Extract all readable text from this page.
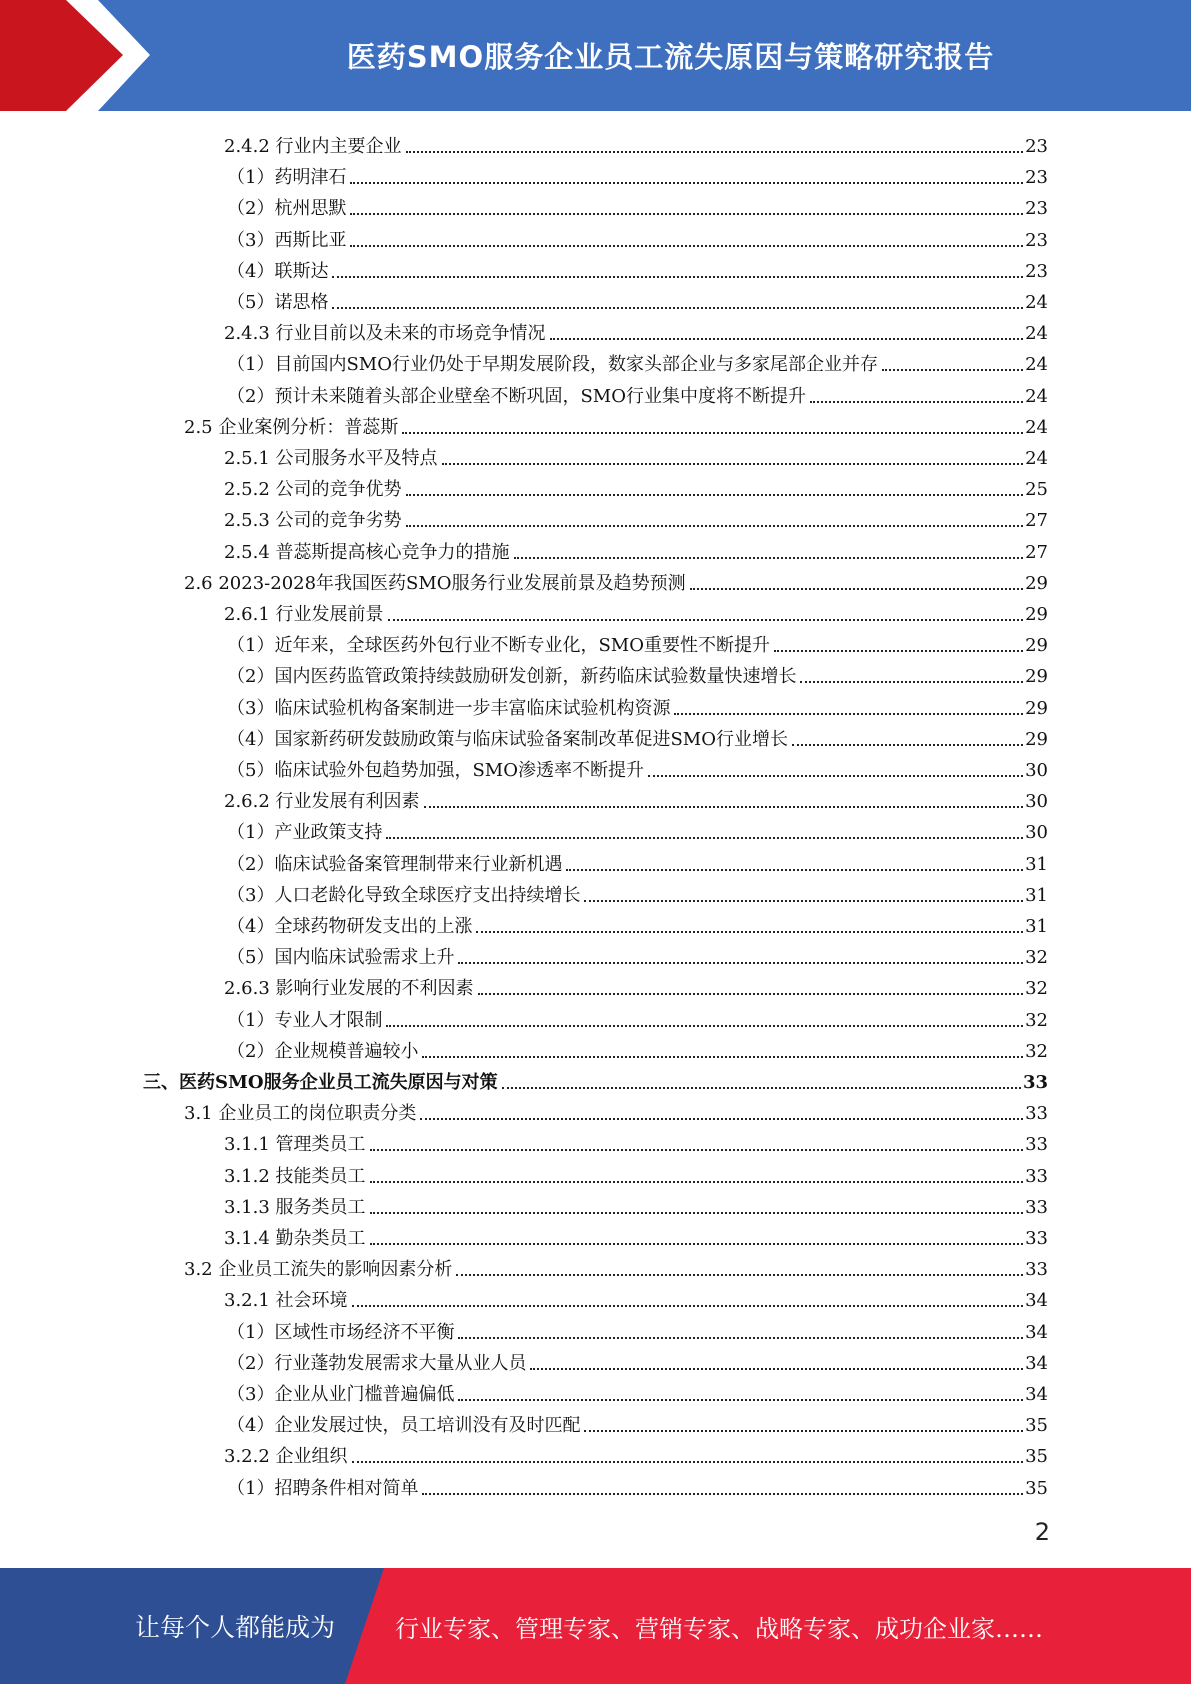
医药SMO服务企业员工流失原因与策略研究报告
2.4.2 行业内主要企业	23
（1）药明津石	23
（2）杭州思默	23
（3）西斯比亚	23
（4）联斯达	23
（5）诺思格	24
2.4.3 行业目前以及未来的市场竞争情况	24
（1）目前国内SMO行业仍处于早期发展阶段，数家头部企业与多家尾部企业并存	24
（2）预计未来随着头部企业壁垒不断巩固，SMO行业集中度将不断提升	24
2.5 企业案例分析：普蕊斯	24
2.5.1 公司服务水平及特点	24
2.5.2 公司的竞争优势	25
2.5.3 公司的竞争劣势	27
2.5.4 普蕊斯提高核心竞争力的措施	27
2.6 2023-2028年我国医药SMO服务行业发展前景及趋势预测	29
2.6.1 行业发展前景	29
（1）近年来，全球医药外包行业不断专业化，SMO重要性不断提升	29
（2）国内医药监管政策持续鼓励研发创新，新药临床试验数量快速增长	29
（3）临床试验机构备案制进一步丰富临床试验机构资源	29
（4）国家新药研发鼓励政策与临床试验备案制改革促进SMO行业增长	29
（5）临床试验外包趋势加强，SMO渗透率不断提升	30
2.6.2 行业发展有利因素	30
（1）产业政策支持	30
（2）临床试验备案管理制带来行业新机遇	31
（3）人口老龄化导致全球医疗支出持续增长	31
（4）全球药物研发支出的上涨	31
（5）国内临床试验需求上升	32
2.6.3 影响行业发展的不利因素	32
（1）专业人才限制	32
（2）企业规模普遍较小	32
三、医药SMO服务企业员工流失原因与对策	33
3.1 企业员工的岗位职责分类	33
3.1.1 管理类员工	33
3.1.2 技能类员工	33
3.1.3 服务类员工	33
3.1.4 勤杂类员工	33
3.2 企业员工流失的影响因素分析	33
3.2.1 社会环境	34
（1）区域性市场经济不平衡	34
（2）行业蓬勃发展需求大量从业人员	34
（3）企业从业门槛普遍偏低	34
（4）企业发展过快，员工培训没有及时匹配	35
3.2.2 企业组织	35
（1）招聘条件相对简单	35
2
让每个人都能成为	行业专家、管理专家、营销专家、战略专家、成功企业家……
